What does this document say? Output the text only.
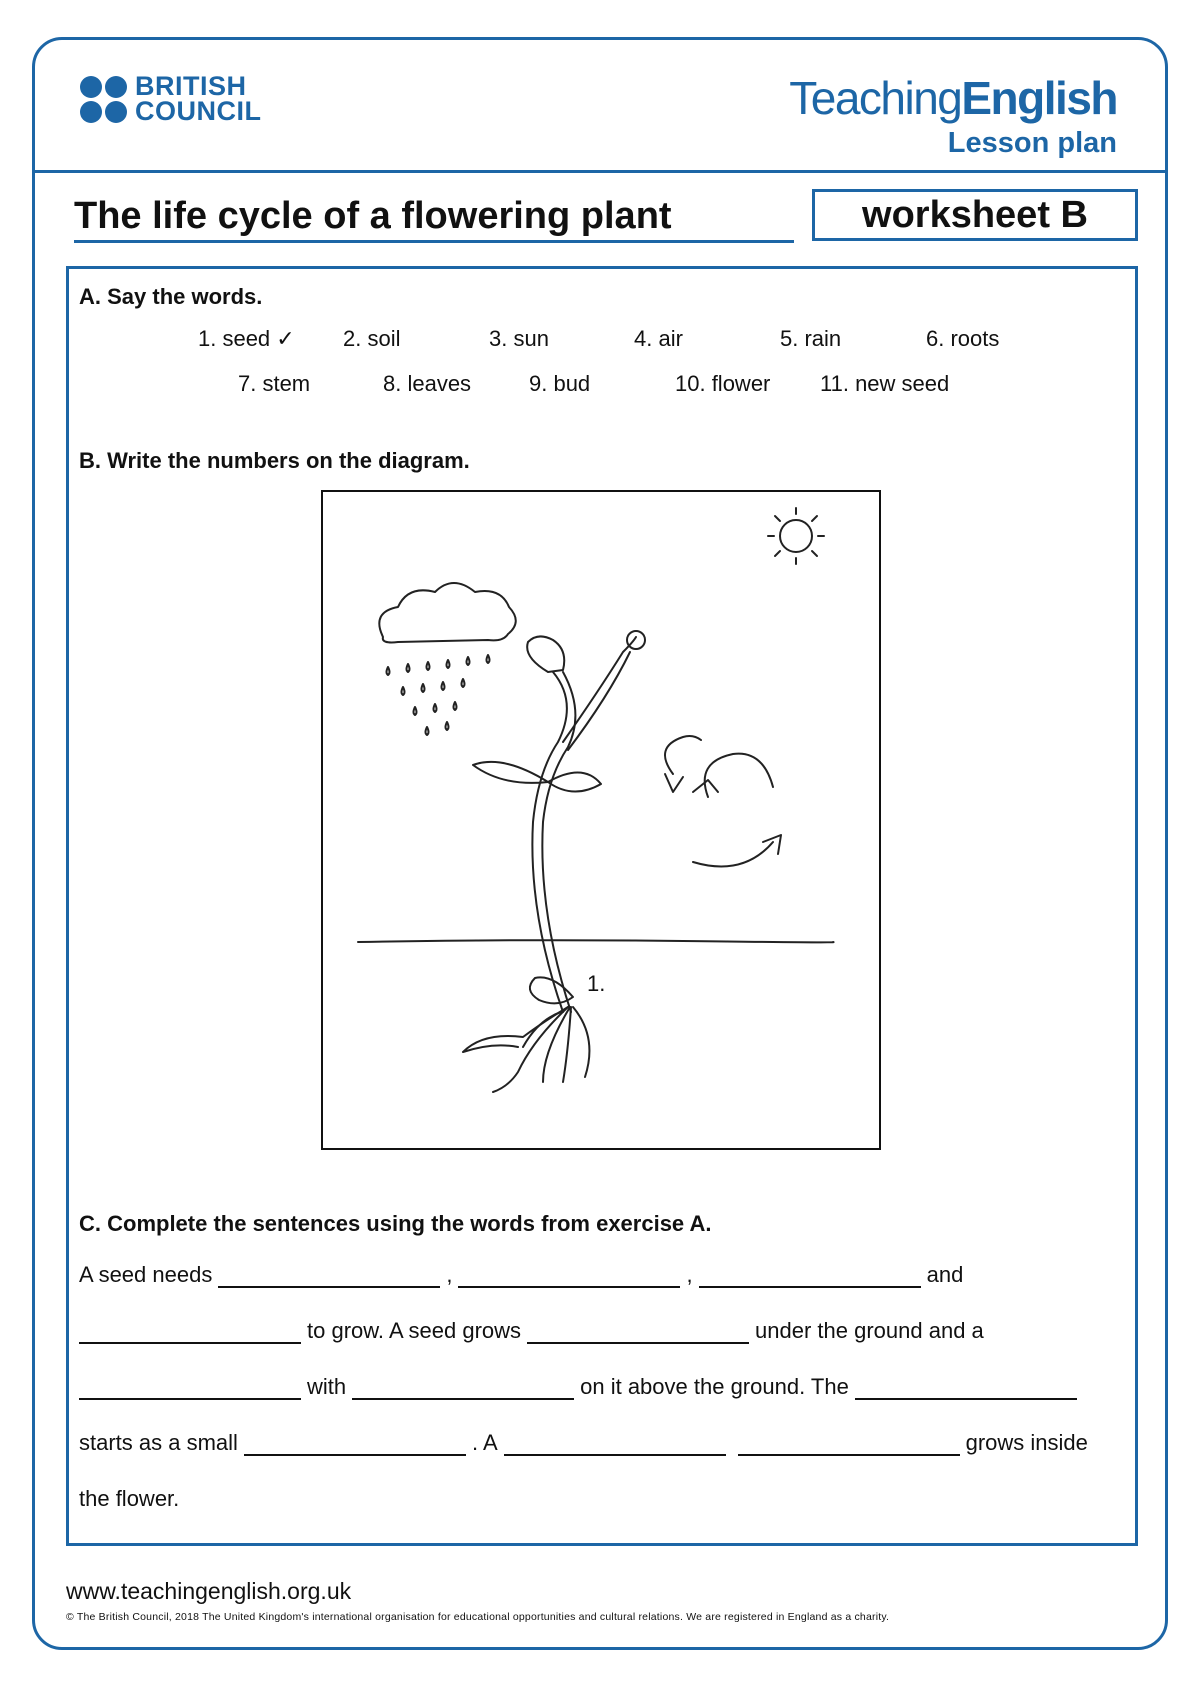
BRITISH
COUNCIL	TeachingEnglish
Lesson plan
The life cycle of a flowering plant	worksheet B
A. Say the words.
1. seed ✓ 2. soil	3. sun	4. air	5. rain	6. roots
7. stem	8. leaves	9. bud	10. flower 11. new seed
B. Write the numbers on the diagram.
1.
C. Complete the sentences using the words from exercise A.
A seed needs	,	,	and
to grow. A seed grows	under the ground and a
with	on it above the ground. The
starts as a small	. A	grows inside
the flower.
www.teachingenglish.org.uk
© The British Council, 2018 The United Kingdom's international organisation for educational opportunities and cultural relations. We are registered in England as a charity.
